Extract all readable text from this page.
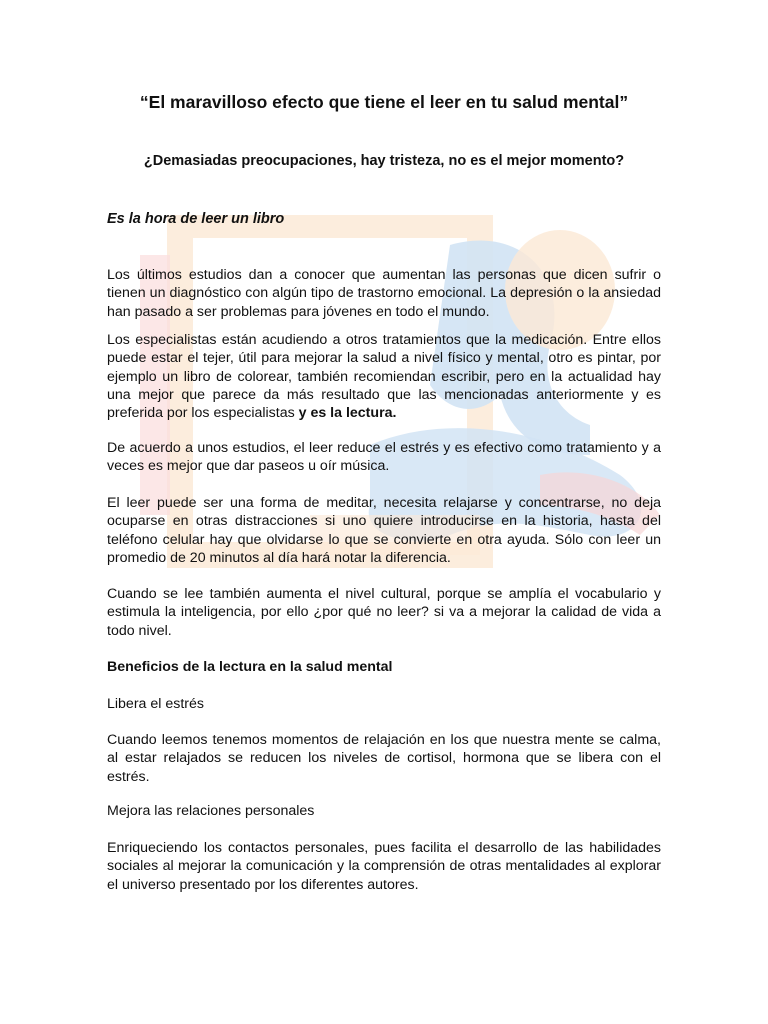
“El maravilloso efecto que tiene el leer en tu salud mental”
¿Demasiadas preocupaciones, hay tristeza, no es el mejor momento?

Es la hora de leer un libro

Los últimos estudios dan a conocer que aumentan las personas que dicen sufrir o tienen un diagnóstico con algún tipo de trastorno emocional. La depresión o la ansiedad han pasado a ser problemas para jóvenes en todo el mundo.

Los especialistas están acudiendo a otros tratamientos que la medicación. Entre ellos puede estar el tejer, útil para mejorar la salud a nivel físico y mental, otro es pintar, por ejemplo un libro de colorear, también recomiendan escribir, pero en la actualidad hay una mejor que parece da más resultado que las mencionadas anteriormente y es preferida por los especialistas y es la lectura.

De acuerdo a unos estudios, el leer reduce el estrés y es efectivo como tratamiento y a veces es mejor que dar paseos u oír música.

El leer puede ser una forma de meditar, necesita relajarse y concentrarse, no deja ocuparse en otras distracciones si uno quiere introducirse en la historia, hasta del teléfono celular hay que olvidarse lo que se convierte en otra ayuda. Sólo con leer un promedio de 20 minutos al día hará notar la diferencia.

Cuando se lee también aumenta el nivel cultural, porque se amplía el vocabulario y estimula la inteligencia, por ello ¿por qué no leer? si va a mejorar la calidad de vida a todo nivel.

Beneficios de la lectura en la salud mental

Libera el estrés

Cuando leemos tenemos momentos de relajación en los que nuestra mente se calma, al estar relajados se reducen los niveles de cortisol, hormona que se libera con el estrés.

Mejora las relaciones personales

Enriqueciendo los contactos personales, pues facilita el desarrollo de las habilidades sociales al mejorar la comunicación y la comprensión de otras mentalidades al explorar el universo presentado por los diferentes autores.
